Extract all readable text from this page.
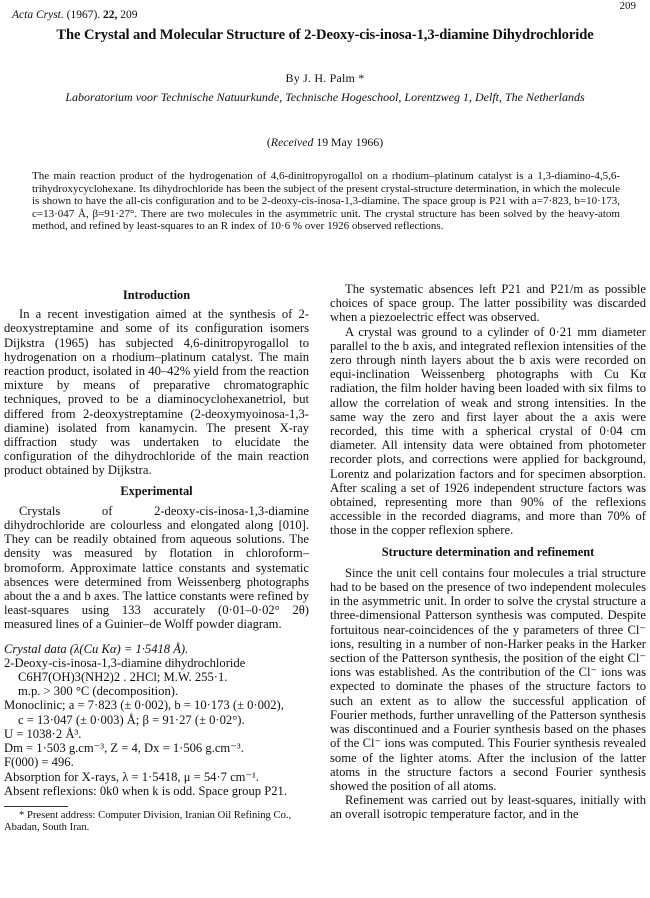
209
Acta Cryst. (1967). 22, 209
The Crystal and Molecular Structure of 2-Deoxy-cis-inosa-1,3-diamine Dihydrochloride
By J. H. Palm *
Laboratorium voor Technische Natuurkunde, Technische Hogeschool, Lorentzweg 1, Delft, The Netherlands
(Received 19 May 1966)
The main reaction product of the hydrogenation of 4,6-dinitropyrogallol on a rhodium–platinum catalyst is a 1,3-diamino-4,5,6-trihydroxycyclohexane. Its dihydrochloride has been the subject of the present crystal-structure determination, in which the molecule is shown to have the all-cis configuration and to be 2-deoxy-cis-inosa-1,3-diamine. The space group is P21 with a=7·823, b=10·173, c=13·047 Å, β=91·27°. There are two molecules in the asymmetric unit. The crystal structure has been solved by the heavy-atom method, and refined by least-squares to an R index of 10·6 % over 1926 observed reflections.
Introduction

In a recent investigation aimed at the synthesis of 2-deoxystreptamine and some of its configuration isomers Dijkstra (1965) has subjected 4,6-dinitropyrogallol to hydrogenation on a rhodium–platinum catalyst. The main reaction product, isolated in 40–42% yield from the reaction mixture by means of preparative chromatographic techniques, proved to be a diaminocyclohexanetriol, but differed from 2-deoxystreptamine (2-deoxymyoinosa-1,3-diamine) isolated from kanamycin. The present X-ray diffraction study was undertaken to elucidate the configuration of the dihydrochloride of the main reaction product obtained by Dijkstra.

Experimental

Crystals of 2-deoxy-cis-inosa-1,3-diamine dihydrochloride are colourless and elongated along [010]. They can be readily obtained from aqueous solutions. The density was measured by flotation in chloroform–bromoform. Approximate lattice constants and systematic absences were determined from Weissenberg photographs about the a and b axes. The lattice constants were refined by least-squares using 133 accurately (0·01–0·02° 2θ) measured lines of a Guinier–de Wolff powder diagram.

Crystal data (λ(Cu Kα) = 1·5418 Å).
2-Deoxy-cis-inosa-1,3-diamine dihydrochloride
C6H7(OH)3(NH2)2 . 2HCl; M.W. 255·1.
m.p. > 300 °C (decomposition).
Monoclinic; a = 7·823 (± 0·002), b = 10·173 (± 0·002),
c = 13·047 (± 0·003) Å; β = 91·27 (± 0·02°).
U = 1038·2 Å³.
Dm = 1·503 g.cm⁻³, Z = 4, Dx = 1·506 g.cm⁻³.
F(000) = 496.
Absorption for X-rays, λ = 1·5418, μ = 54·7 cm⁻¹.
Absent reflexions: 0k0 when k is odd. Space group P21.

* Present address: Computer Division, Iranian Oil Refining Co., Abadan, South Iran.

The systematic absences left P21 and P21/m as possible choices of space group. The latter possibility was discarded when a piezoelectric effect was observed.

A crystal was ground to a cylinder of 0·21 mm diameter parallel to the b axis, and integrated reflexion intensities of the zero through ninth layers about the b axis were recorded on equi-inclination Weissenberg photographs with Cu Kα radiation, the film holder having been loaded with six films to allow the correlation of weak and strong intensities. In the same way the zero and first layer about the a axis were recorded, this time with a spherical crystal of 0·04 cm diameter. All intensity data were obtained from photometer recorder plots, and corrections were applied for background, Lorentz and polarization factors and for specimen absorption. After scaling a set of 1926 independent structure factors was obtained, representing more than 90% of the reflexions accessible in the recorded diagrams, and more than 70% of those in the copper reflexion sphere.

Structure determination and refinement

Since the unit cell contains four molecules a trial structure had to be based on the presence of two independent molecules in the asymmetric unit. In order to solve the crystal structure a three-dimensional Patterson synthesis was computed. Despite fortuitous near-coincidences of the y parameters of three Cl⁻ ions, resulting in a number of non-Harker peaks in the Harker section of the Patterson synthesis, the position of the eight Cl⁻ ions was established. As the contribution of the Cl⁻ ions was expected to dominate the phases of the structure factors to such an extent as to allow the successful application of Fourier methods, further unravelling of the Patterson synthesis was discontinued and a Fourier synthesis based on the phases of the Cl⁻ ions was computed. This Fourier synthesis revealed some of the lighter atoms. After the inclusion of the latter atoms in the structure factors a second Fourier synthesis showed the position of all atoms.

Refinement was carried out by least-squares, initially with an overall isotropic temperature factor, and in the
